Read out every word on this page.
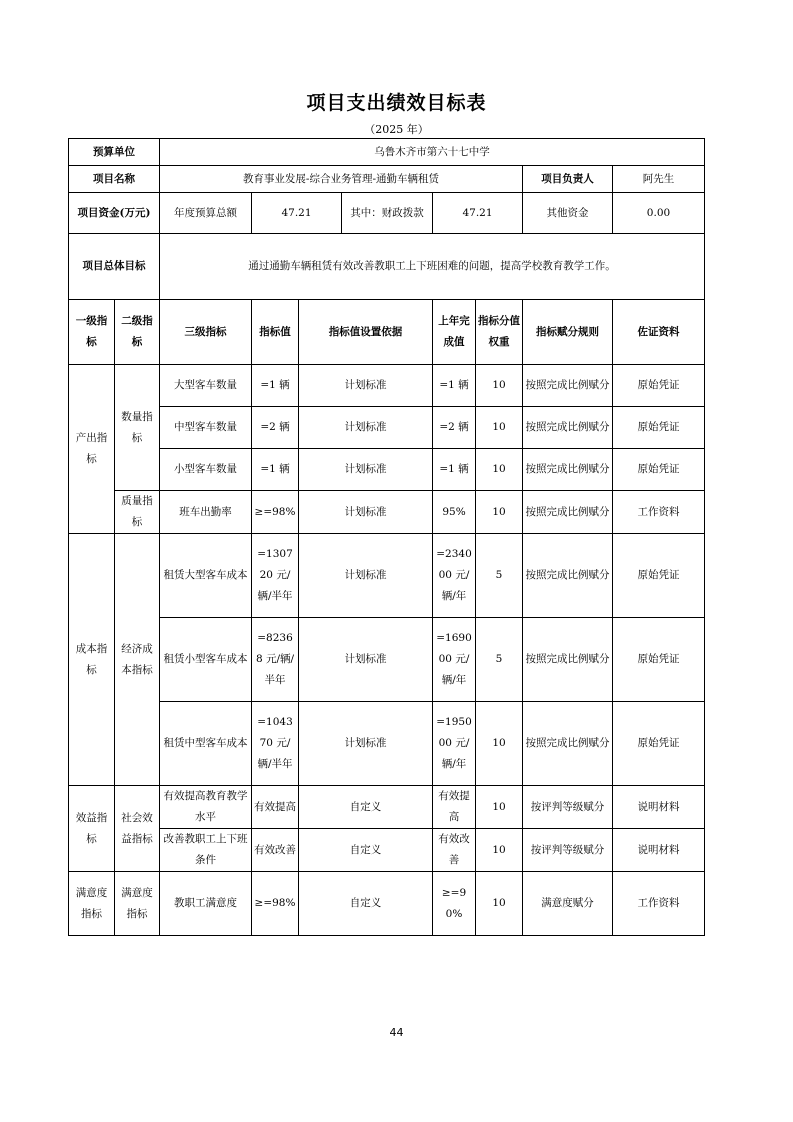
项目支出绩效目标表
（2025 年）
预算单位		乌鲁木齐市第六十七中学							
项目名称		教育事业发展-综合业务管理-通勤车辆租赁						项目负责人	阿先生
项目资金(万元)		年度预算总额	47.21		其中：财政拨款	47.21		其他资金	0.00
项目总体目标		通过通勤车辆租赁有效改善教职工上下班困难的问题，提高学校教育教学工作。							
一级指标	二级指标	三级指标	指标值	指标值设置依据		上年完成值	指标分值权重	指标赋分规则	佐证资料
产出指标	数量指标	大型客车数量	=1 辆	计划标准		=1 辆	10	按照完成比例赋分	原始凭证
		中型客车数量	=2 辆	计划标准		=2 辆	10	按照完成比例赋分	原始凭证
		小型客车数量	=1 辆	计划标准		=1 辆	10	按照完成比例赋分	原始凭证
	质量指标	班车出勤率	≥=98%	计划标准		95%	10	按照完成比例赋分	工作资料
成本指标	经济成本指标	租赁大型客车成本	=130720 元/辆/半年	计划标准		=234000 元/辆/年	5	按照完成比例赋分	原始凭证
		租赁小型客车成本	=82368 元/辆/半年	计划标准		=169000 元/辆/年	5	按照完成比例赋分	原始凭证
		租赁中型客车成本	=104370 元/辆/半年	计划标准		=195000 元/辆/年	10	按照完成比例赋分	原始凭证
效益指标	社会效益指标	有效提高教育教学水平	有效提高	自定义		有效提高	10	按评判等级赋分	说明材料
		改善教职工上下班条件	有效改善	自定义		有效改善	10	按评判等级赋分	说明材料
满意度指标	满意度指标	教职工满意度	≥=98%	自定义		≥=90%	10	满意度赋分	工作资料
44
